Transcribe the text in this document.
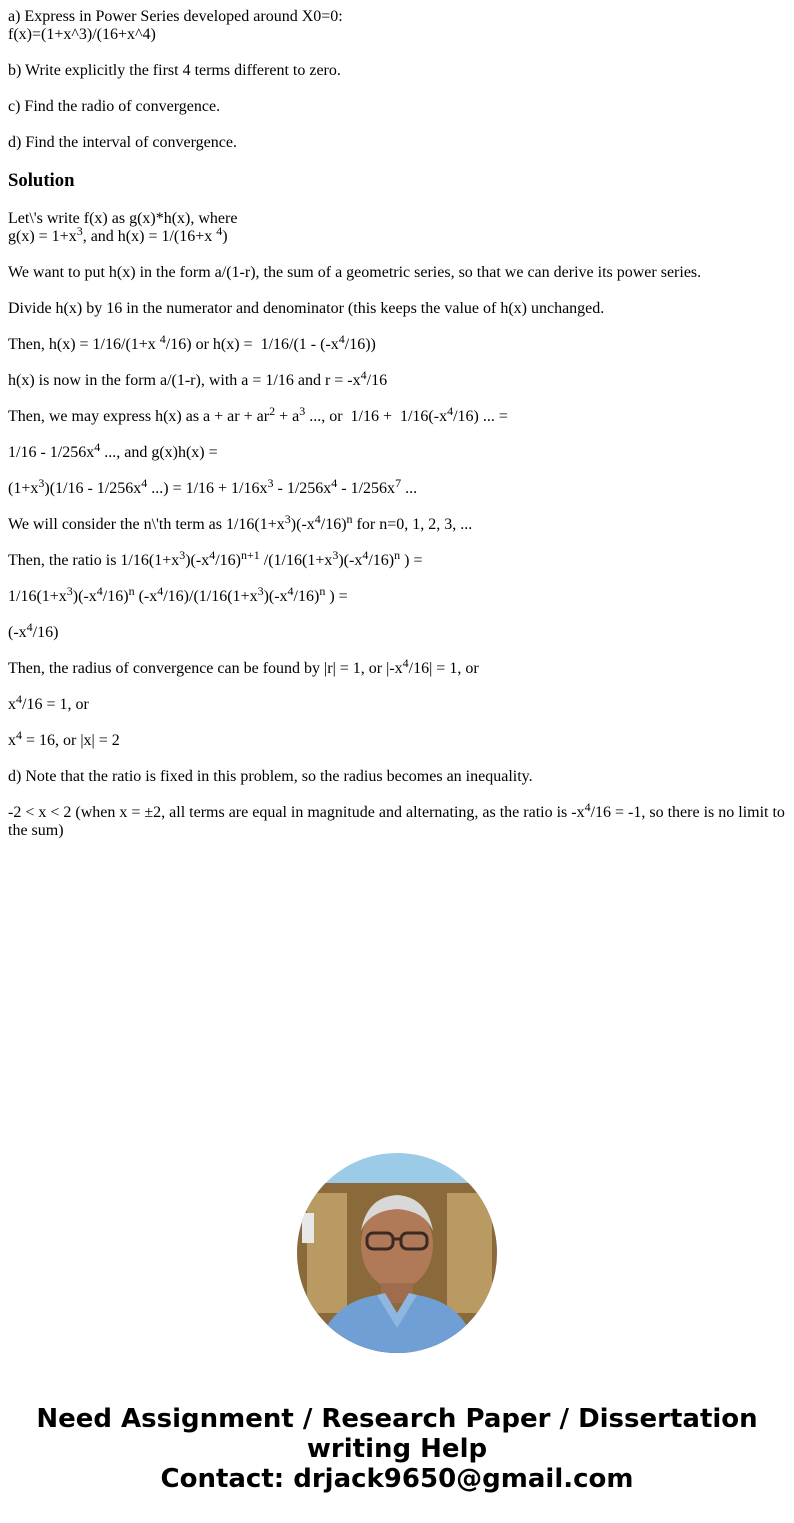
a) Express in Power Series developed around X0=0:
f(x)=(1+x^3)/(16+x^4)

b) Write explicitly the first 4 terms different to zero.

c) Find the radio of convergence.

d) Find the interval of convergence.

Solution

Let\'s write f(x) as g(x)*h(x), where
$g(x) = 1+x^3$, and h(x) = 1/(16+x $^4$)

We want to put h(x) in the form a/(1-r), the sum of a geometric series, so that we can derive its power series.

Divide h(x) by 16 in the numerator and denominator (this keeps the value of h(x) unchanged.

Then, h(x) = 1/16/(1+x $^4$/16) or $h(x) = 1/16/(1 - (-x^4/16))$

h(x) is now in the form a/(1-r), with a = 1/16 and $r = -x^4/16$

Then, we may express h(x) as a + ar + $ar^2 + a^3$ ..., or  $1/16 + 1/16(-x^4/16)$ ... =

$1/16 - 1/256x^4$ ..., and g(x)h(x) =

$(1+x^3)(1/16 - 1/256x^4$ ...) = $1/16 + 1/16x^3 - 1/256x^4 - 1/256x^7$ ...

We will consider the n\'th term as $1/16(1+x^3)(-x^4/16)^n$ for n=0, 1, 2, 3, ...

Then, the ratio is $1/16(1+x^3)(-x^4/16)^{n+1}$ $/(1/16(1+x^3)(-x^4/16)^n$ ) =

$1/16(1+x^3)(-x^4/16)^n$ $(-x^4/16)/(1/16(1+x^3)(-x^4/16)^n$ ) =

$(-x^4/16)$

Then, the radius of convergence can be found by |r| = 1, or $|-x^4/16| = 1$, or

$x^4/16 = 1$, or

$x^4 = 16$, or |x| = 2

d) Note that the ratio is fixed in this problem, so the radius becomes an inequality.

-2 < x < 2 (when x = ±2, all terms are equal in magnitude and alternating, as the ratio is $-x^4/16 = -1$, so there is no limit to the sum)

Need Assignment / Research Paper / Dissertation
writing Help
Contact: drjack9650@gmail.com
